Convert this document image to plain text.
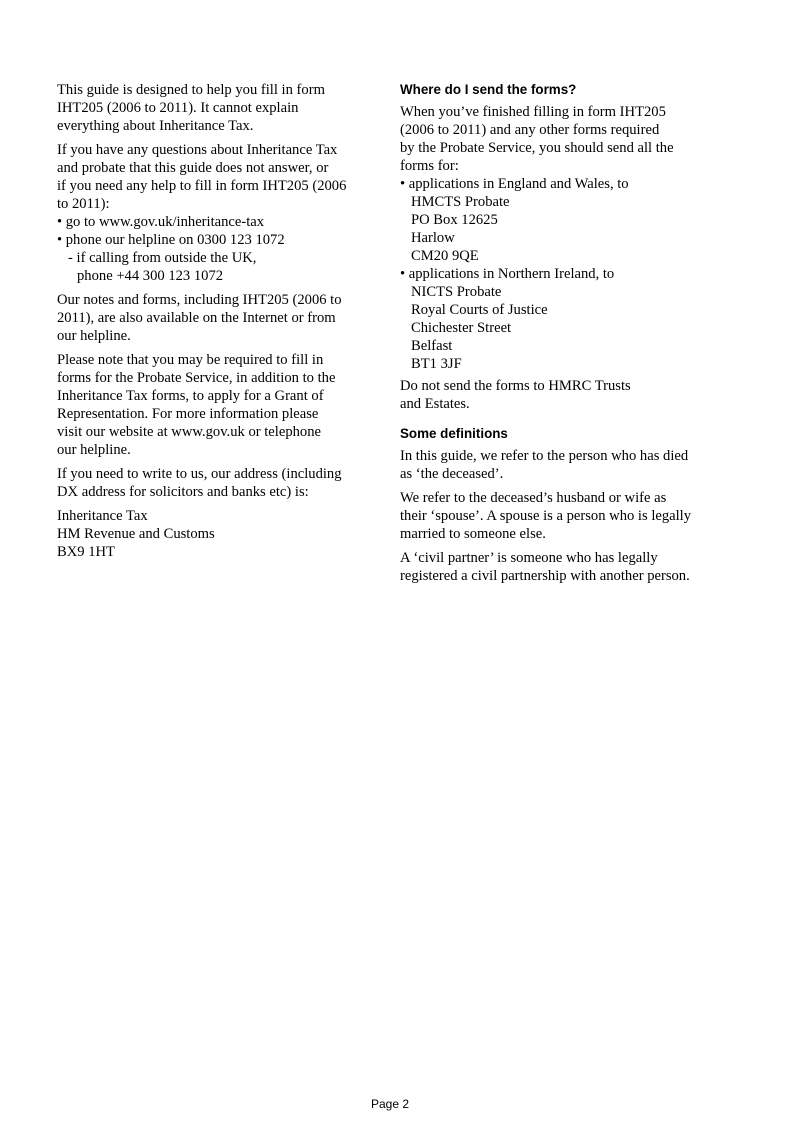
This guide is designed to help you fill in form
IHT205 (2006 to 2011). It cannot explain
everything about Inheritance Tax.

If you have any questions about Inheritance Tax
and probate that this guide does not answer, or
if you need any help to fill in form IHT205 (2006
to 2011):
• go to www.gov.uk/inheritance-tax
• phone our helpline on 0300 123 1072
- if calling from outside the UK,
phone +44 300 123 1072

Our notes and forms, including IHT205 (2006 to
2011), are also available on the Internet or from
our helpline.

Please note that you may be required to fill in
forms for the Probate Service, in addition to the
Inheritance Tax forms, to apply for a Grant of
Representation. For more information please
visit our website at www.gov.uk or telephone
our helpline.

If you need to write to us, our address (including
DX address for solicitors and banks etc) is:

Inheritance Tax
HM Revenue and Customs
BX9 1HT
Where do I send the forms?
When you’ve finished filling in form IHT205
(2006 to 2011) and any other forms required
by the Probate Service, you should send all the
forms for:
• applications in England and Wales, to
HMCTS Probate
PO Box 12625
Harlow
CM20 9QE
• applications in Northern Ireland, to
NICTS Probate
Royal Courts of Justice
Chichester Street
Belfast
BT1 3JF

Do not send the forms to HMRC Trusts
and Estates.

Some definitions

In this guide, we refer to the person who has died
as ‘the deceased’.

We refer to the deceased’s husband or wife as
their ‘spouse’. A spouse is a person who is legally
married to someone else.

A ‘civil partner’ is someone who has legally
registered a civil partnership with another person.

Page 2
